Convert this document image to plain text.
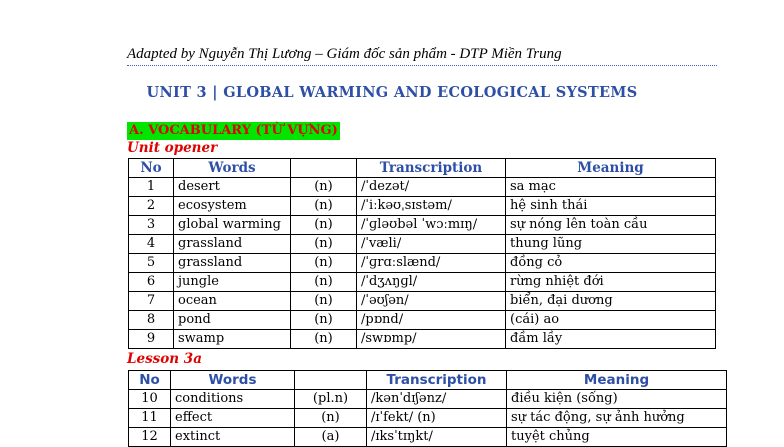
Adapted by Nguyễn Thị Lương – Giám đốc sản phẩm - DTP Miền Trung
UNIT 3 | GLOBAL WARMING AND ECOLOGICAL SYSTEMS
A. VOCABULARY (TỪ VỰNG)
Unit opener
No	Words		Transcription	Meaning
1	desert	(n)	/ˈdezət/	sa mạc
2	ecosystem	(n)	/ˈiːkəʊˌsɪstəm/	hệ sinh thái
3	global warming	(n)	/ˈɡləʊbəl ˈwɔːmɪŋ/	sự nóng lên toàn cầu
4	grassland	(n)	/ˈvæli/	thung lũng
5	grassland	(n)	/ˈɡrɑːslænd/	đồng cỏ
6	jungle	(n)	/ˈdʒʌŋɡl/	rừng nhiệt đới
7	ocean	(n)	/ˈəʊʃən/	biển, đại dương
8	pond	(n)	/pɒnd/	(cái) ao
9	swamp	(n)	/swɒmp/	đầm lầy
Lesson 3a
No	Words		Transcription	Meaning
10	conditions	(pl.n)	/kənˈdɪʃənz/	điều kiện (sống)
11	effect	(n)	/ɪˈfekt/ (n)	sự tác động, sự ảnh hưởng
12	extinct	(a)	/ɪksˈtɪŋkt/	tuyệt chủng
